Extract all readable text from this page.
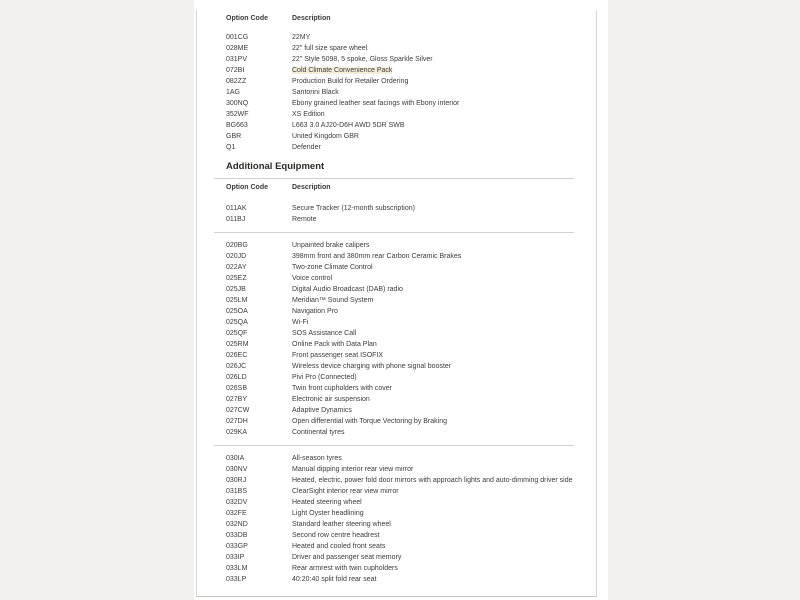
Option Code	Description
001CG	22MY
028ME	22" full size spare wheel
031PV	22" Style 5098, 5 spoke, Gloss Sparkle Silver
072BI	Cold Climate Convenience Pack
082ZZ	Production Build for Retailer Ordering
1AG	Santorini Black
300NQ	Ebony grained leather seat facings with Ebony interior
352WF	XS Edition
BG663	L663 3.0 AJ20-D6H AWD 5DR SWB
GBR	United Kingdom GBR
Q1	Defender
Additional Equipment
Option Code	Description
011AK	Secure Tracker (12-month subscription)
011BJ	Remote
020BG	Unpainted brake calipers
020JD	398mm front and 380mm rear Carbon Ceramic Brakes
022AY	Two-zone Climate Control
025EZ	Voice control
025JB	Digital Audio Broadcast (DAB) radio
025LM	Meridian™ Sound System
025OA	Navigation Pro
025QA	Wi-Fi
025QF	SOS Assistance Call
025RM	Online Pack with Data Plan
026EC	Front passenger seat ISOFIX
026JC	Wireless device charging with phone signal booster
026LD	Pivi Pro (Connected)
026SB	Twin front cupholders with cover
027BY	Electronic air suspension
027CW	Adaptive Dynamics
027DH	Open differential with Torque Vectoring by Braking
029KA	Continental tyres
030IA	All-season tyres
030NV	Manual dipping interior rear view mirror
030RJ	Heated, electric, power fold door mirrors with approach lights and auto-dimming driver side
031BS	ClearSight interior rear view mirror
032DV	Heated steering wheel
032FE	Light Oyster headlining
032ND	Standard leather steering wheel
033DB	Second row centre headrest
033GP	Heated and cooled front seats
033IP	Driver and passenger seat memory
033LM	Rear armrest with twin cupholders
033LP	40:20:40 split fold rear seat
